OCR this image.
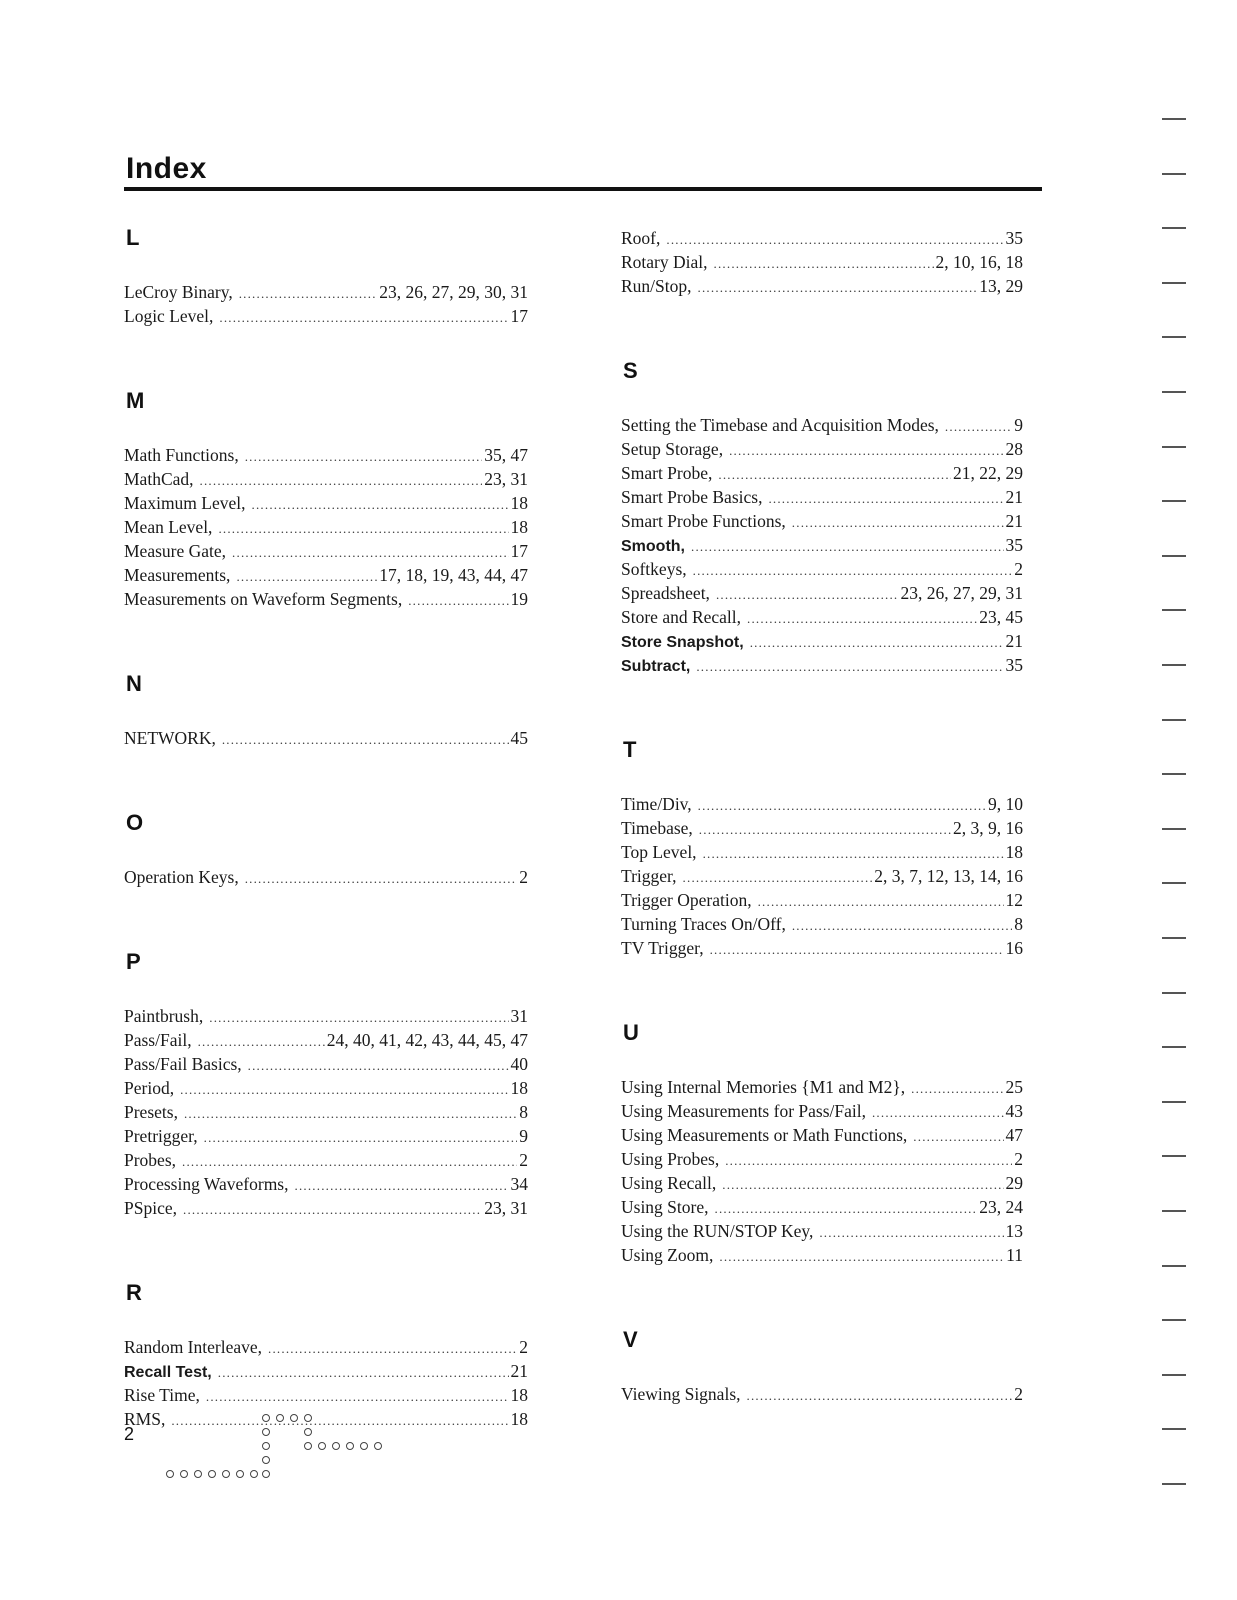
Index
L
LeCroy Binary, .....	23, 26, 27, 29, 30, 31
Logic Level, .....	17
M
Math Functions, .....	35, 47
MathCad, .....	23, 31
Maximum Level, .....	18
Mean Level, .....	18
Measure Gate, .....	17
Measurements, .....	17, 18, 19, 43, 44, 47
Measurements on Waveform Segments, .....	19
N
NETWORK, .....	45
O
Operation Keys, .....	2
P
Paintbrush, .....	31
Pass/Fail, .....	24, 40, 41, 42, 43, 44, 45, 47
Pass/Fail Basics, .....	40
Period, .....	18
Presets, .....	8
Pretrigger, .....	9
Probes, .....	2
Processing Waveforms, .....	34
PSpice, .....	23, 31
R
Random Interleave, .....	2
Recall Test, .....	21
Rise Time, .....	18
RMS, .....	18
Roof, .....	35
Rotary Dial, .....	2, 10, 16, 18
Run/Stop, .....	13, 29
S
Setting the Timebase and Acquisition Modes, .....	9
Setup Storage, .....	28
Smart Probe, .....	21, 22, 29
Smart Probe Basics, .....	21
Smart Probe Functions, .....	21
Smooth, .....	35
Softkeys, .....	2
Spreadsheet, .....	23, 26, 27, 29, 31
Store and Recall, .....	23, 45
Store Snapshot, .....	21
Subtract, .....	35
T
Time/Div, .....	9, 10
Timebase, .....	2, 3, 9, 16
Top Level, .....	18
Trigger, .....	2, 3, 7, 12, 13, 14, 16
Trigger Operation, .....	12
Turning Traces On/Off, .....	8
TV Trigger, .....	16
U
Using Internal Memories {M1 and M2}, .....	25
Using Measurements for Pass/Fail, .....	43
Using Measurements or Math Functions, .....	47
Using Probes, .....	2
Using Recall, .....	29
Using Store, .....	23, 24
Using the RUN/STOP Key, .....	13
Using Zoom, .....	11
V
Viewing Signals, .....	2
2
